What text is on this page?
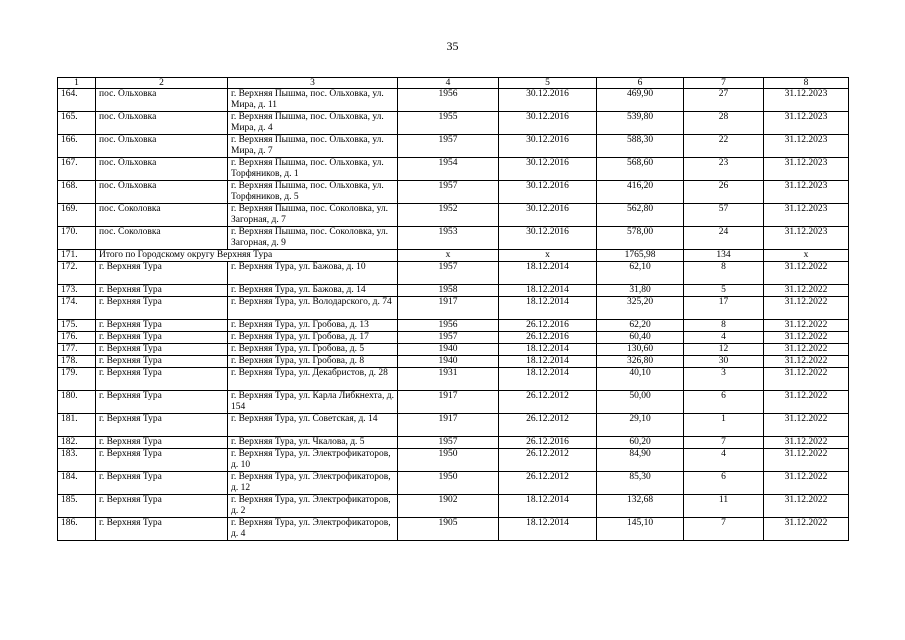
35
1	2	3	4	5	6	7	8
164.	пос. Ольховка	г. Верхняя Пышма, пос. Ольховка, ул. Мира, д. 11	1956	30.12.2016	469,90	27	31.12.2023
165.	пос. Ольховка	г. Верхняя Пышма, пос. Ольховка, ул. Мира, д. 4	1955	30.12.2016	539,80	28	31.12.2023
166.	пос. Ольховка	г. Верхняя Пышма, пос. Ольховка, ул. Мира, д. 7	1957	30.12.2016	588,30	22	31.12.2023
167.	пос. Ольховка	г. Верхняя Пышма, пос. Ольховка, ул. Торфяников, д. 1	1954	30.12.2016	568,60	23	31.12.2023
168.	пос. Ольховка	г. Верхняя Пышма, пос. Ольховка, ул. Торфяников, д. 5	1957	30.12.2016	416,20	26	31.12.2023
169.	пос. Соколовка	г. Верхняя Пышма, пос. Соколовка, ул. Загорная, д. 7	1952	30.12.2016	562,80	57	31.12.2023
170.	пос. Соколовка	г. Верхняя Пышма, пос. Соколовка, ул. Загорная, д. 9	1953	30.12.2016	578,00	24	31.12.2023
171.	Итого по Городскому округу Верхняя Тура		x	x	1765,98	134	x
172.	г. Верхняя Тура	г. Верхняя Тура, ул. Бажова, д. 10	1957	18.12.2014	62,10	8	31.12.2022
173.	г. Верхняя Тура	г. Верхняя Тура, ул. Бажова, д. 14	1958	18.12.2014	31,80	5	31.12.2022
174.	г. Верхняя Тура	г. Верхняя Тура, ул. Володарского, д. 74	1917	18.12.2014	325,20	17	31.12.2022
175.	г. Верхняя Тура	г. Верхняя Тура, ул. Гробова, д. 13	1956	26.12.2016	62,20	8	31.12.2022
176.	г. Верхняя Тура	г. Верхняя Тура, ул. Гробова, д. 17	1957	26.12.2016	60,40	4	31.12.2022
177.	г. Верхняя Тура	г. Верхняя Тура, ул. Гробова, д. 5	1940	18.12.2014	130,60	12	31.12.2022
178.	г. Верхняя Тура	г. Верхняя Тура, ул. Гробова, д. 8	1940	18.12.2014	326,80	30	31.12.2022
179.	г. Верхняя Тура	г. Верхняя Тура, ул. Декабристов, д. 28	1931	18.12.2014	40,10	3	31.12.2022
180.	г. Верхняя Тура	г. Верхняя Тура, ул. Карла Либкнехта, д. 154	1917	26.12.2012	50,00	6	31.12.2022
181.	г. Верхняя Тура	г. Верхняя Тура, ул. Советская, д. 14	1917	26.12.2012	29,10	1	31.12.2022
182.	г. Верхняя Тура	г. Верхняя Тура, ул. Чкалова, д. 5	1957	26.12.2016	60,20	7	31.12.2022
183.	г. Верхняя Тура	г. Верхняя Тура, ул. Электрофикаторов, д. 10	1950	26.12.2012	84,90	4	31.12.2022
184.	г. Верхняя Тура	г. Верхняя Тура, ул. Электрофикаторов, д. 12	1950	26.12.2012	85,30	6	31.12.2022
185.	г. Верхняя Тура	г. Верхняя Тура, ул. Электрофикаторов, д. 2	1902	18.12.2014	132,68	11	31.12.2022
186.	г. Верхняя Тура	г. Верхняя Тура, ул. Электрофикаторов, д. 4	1905	18.12.2014	145,10	7	31.12.2022
